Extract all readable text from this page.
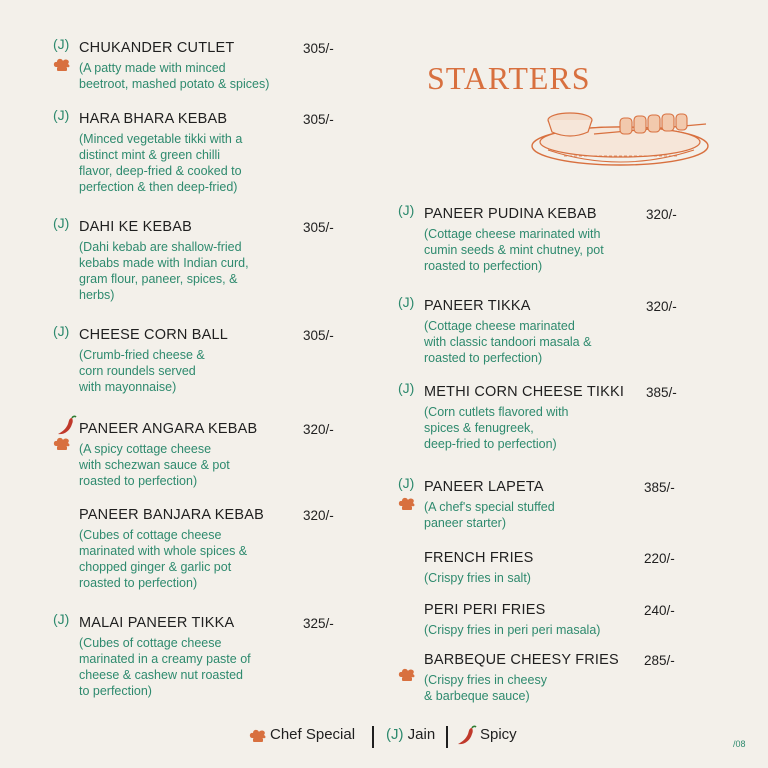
STARTERS
(J) CHUKANDER CUTLET	305/-
(A patty made with minced
beetroot, mashed potato & spices)
(J) HARA BHARA KEBAB	305/-
(Minced vegetable tikki with a
distinct mint & green chilli
flavor, deep-fried & cooked to
perfection & then deep-fried)
(J) DAHI KE KEBAB	305/-
(Dahi kebab are shallow-fried
kebabs made with Indian curd,
gram flour, paneer, spices, &
herbs)
(J) CHEESE CORN BALL	305/-
(Crumb-fried cheese &
corn roundels served
with mayonnaise)
PANEER ANGARA KEBAB	320/-
(A spicy cottage cheese
with schezwan sauce & pot
roasted to perfection)
PANEER BANJARA KEBAB	320/-
(Cubes of cottage cheese
marinated with whole spices &
chopped ginger & garlic pot
roasted to perfection)
(J) MALAI PANEER TIKKA	325/-
(Cubes of cottage cheese
marinated in a creamy paste of
cheese & cashew nut roasted
to perfection)
(J) PANEER PUDINA KEBAB	320/-
(Cottage cheese marinated with
cumin seeds & mint chutney, pot
roasted to perfection)
(J) PANEER TIKKA	320/-
(Cottage cheese marinated
with classic tandoori masala &
roasted to perfection)
(J) METHI CORN CHEESE TIKKI 385/-
(Corn cutlets flavored with
spices & fenugreek,
deep-fried to perfection)
(J) PANEER LAPETA	385/-
(A chef's special stuffed
paneer starter)
FRENCH FRIES	220/-
(Crispy fries in salt)
PERI PERI FRIES	240/-
(Crispy fries in peri peri masala)
BARBEQUE CHEESY FRIES 285/-
(Crispy fries in cheesy
& barbeque sauce)
Chef Special (J) Jain	Spicy
/08
